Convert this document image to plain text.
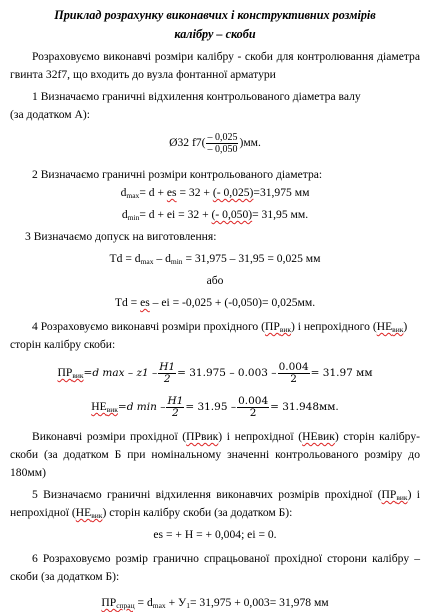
Приклад розрахунку виконавчих і конструктивних розмірів
калібру – скоби

Розраховуємо виконавчі розміри калібру - скоби для контролювання діаметра гвинта 32f7, що входить до вузла фонтанної арматури

1 Визначаємо граничні відхилення контрольованого діаметра валу

(за додатком А):

Ø32 $f7( \frac{- 0,025}{- 0,050} )мм$.

2 Визначаємо граничні розміри контрольованого діаметра:

$d_{max}= d$ + es = 32 + (- 0,025)=31,975 мм

$d_{min}= d$ + ei = 32 + (- 0,050)= 31,95 мм.

3 Визначаємо допуск на виготовлення:

$Td = d_{max} - d_{min} = 31,975 - 31,95 = 0,025$ мм

або

Td = es – ei = -0,025 + (-0,050)= 0,025мм.

4 Розраховуємо виконавчі розміри прохідного $(ПР_{вик})$ і непрохідного $(НЕ_{вик})$

сторін калібру скоби:

$ПР_{вик} = d$ $\max - z1 - \frac{H1}{2} = 31.975 - 0.003 - \frac{0.004}{2} = 31.97$ мм
$НЕ_{вик} = d$ $\min - \frac{H1}{2} = 31.95 - \frac{0.004}{2} = 31.948мм$.

Виконавчі розміри прохідної (ПРвик) і непрохідної (НЕвик) сторін калібру-скоби (за додатком Б при номінальному значенні контрольованого розміру до 180мм)

5 Визначаємо граничні відхилення виконавчих розмірів прохідної $(ПР_{вик})$ і непрохідної $(НЕ_{вик})$ сторін калібру скоби (за додатком Б):

es = + H = + 0,004; ei = 0.

6 Розраховуємо розмір гранично спрацьованої прохідної сторони калібру – скоби (за додатком Б):

$ПР_{спрац} = d_{max} + У_1= 31,975 + 0,003= 31,978$ мм
